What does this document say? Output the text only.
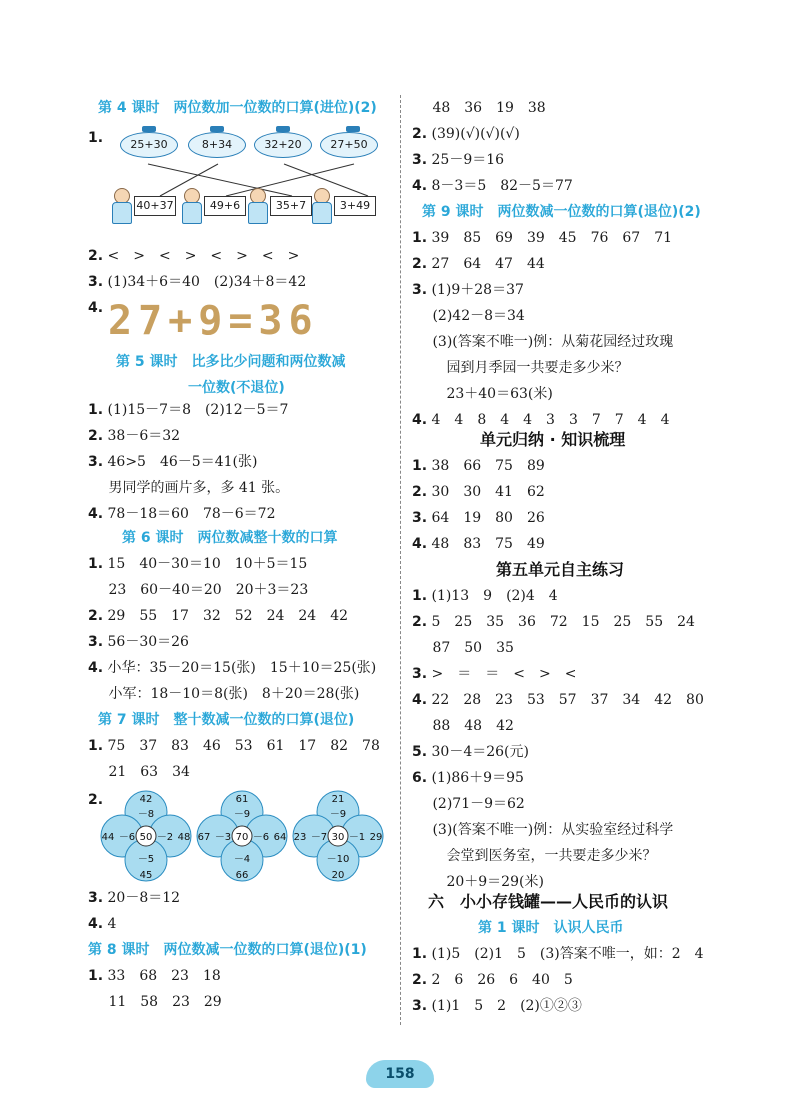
第 4 课时　两位数加一位数的口算(进位)(2)
1.	25+30	8+34	32+20	27+50
40+37	49+6	35+7	3+49
2. <　>　<　>　<　>　<　>
3. (1)34＋6＝40　(2)34＋8＝42
4. 27+9=36
第 5 课时　比多比少问题和两位数减
一位数(不退位)
1. (1)15－7＝8　(2)12－5＝7
2. 38－6＝32
3. 46>5　46－5＝41(张)
男同学的画片多，多 41 张。
4. 78－18＝60　78－6＝72
第 6 课时　两位数减整十数的口算
1. 15　40－30＝10　10＋5＝15
23　60－40＝20　20＋3＝23
2. 29　55　17　32　52　24　24　42
3. 56－30＝26
4. 小华：35－20＝15(张)　15＋10＝25(张)
小军：18－10＝8(张)　8＋20＝28(张)
第 7 课时　整十数减一位数的口算(退位)
1. 75　37　83　46　53　61　17　82　78
21　63　34
2.
50
42
－8
45
－5
44 －6	48
－2	70
61
－9
66
－4
67 －3	64
－6	30
21
－9
20
－10
23 －7	29
－1
3. 20－8＝12
4. 4
第 8 课时　两位数减一位数的口算(退位)(1)
1. 33　68　23　18
11　58　23　29
48　36　19　38
2. (39)(√)(√)(√)
3. 25－9＝16
4. 8－3＝5　82－5＝77
第 9 课时　两位数减一位数的口算(退位)(2)
1. 39　85　69　39　45　76　67　71
2. 27　64　47　44
3. (1)9＋28＝37
(2)42－8＝34
(3)(答案不唯一)例：从菊花园经过玫瑰
　园到月季园一共要走多少米？
　23＋40＝63(米)
4. 4　4　8　4　4　3　3　7　7　4　4
单元归纳 · 知识梳理
1. 38　66　75　89
2. 30　30　41　62
3. 64　19　80　26
4. 48　83　75　49
第五单元自主练习
1. (1)13　9　(2)4　4
2. 5　25　35　36　72　15　25　55　24
87　50　35
3. >　＝　＝　<　>　<
4. 22　28　23　53　57　37　34　42　80
88　48　42
5. 30－4＝26(元)
6. (1)86＋9＝95
(2)71－9＝62
(3)(答案不唯一)例：从实验室经过科学
　会堂到医务室，一共要走多少米？
　20＋9＝29(米)
六　小小存钱罐——人民币的认识
第 1 课时　认识人民币
1. (1)5　(2)1　5　(3)答案不唯一，如：2　4
2. 2　6　26　6　40　5
3. (1)1　5　2　(2)①②③
158
